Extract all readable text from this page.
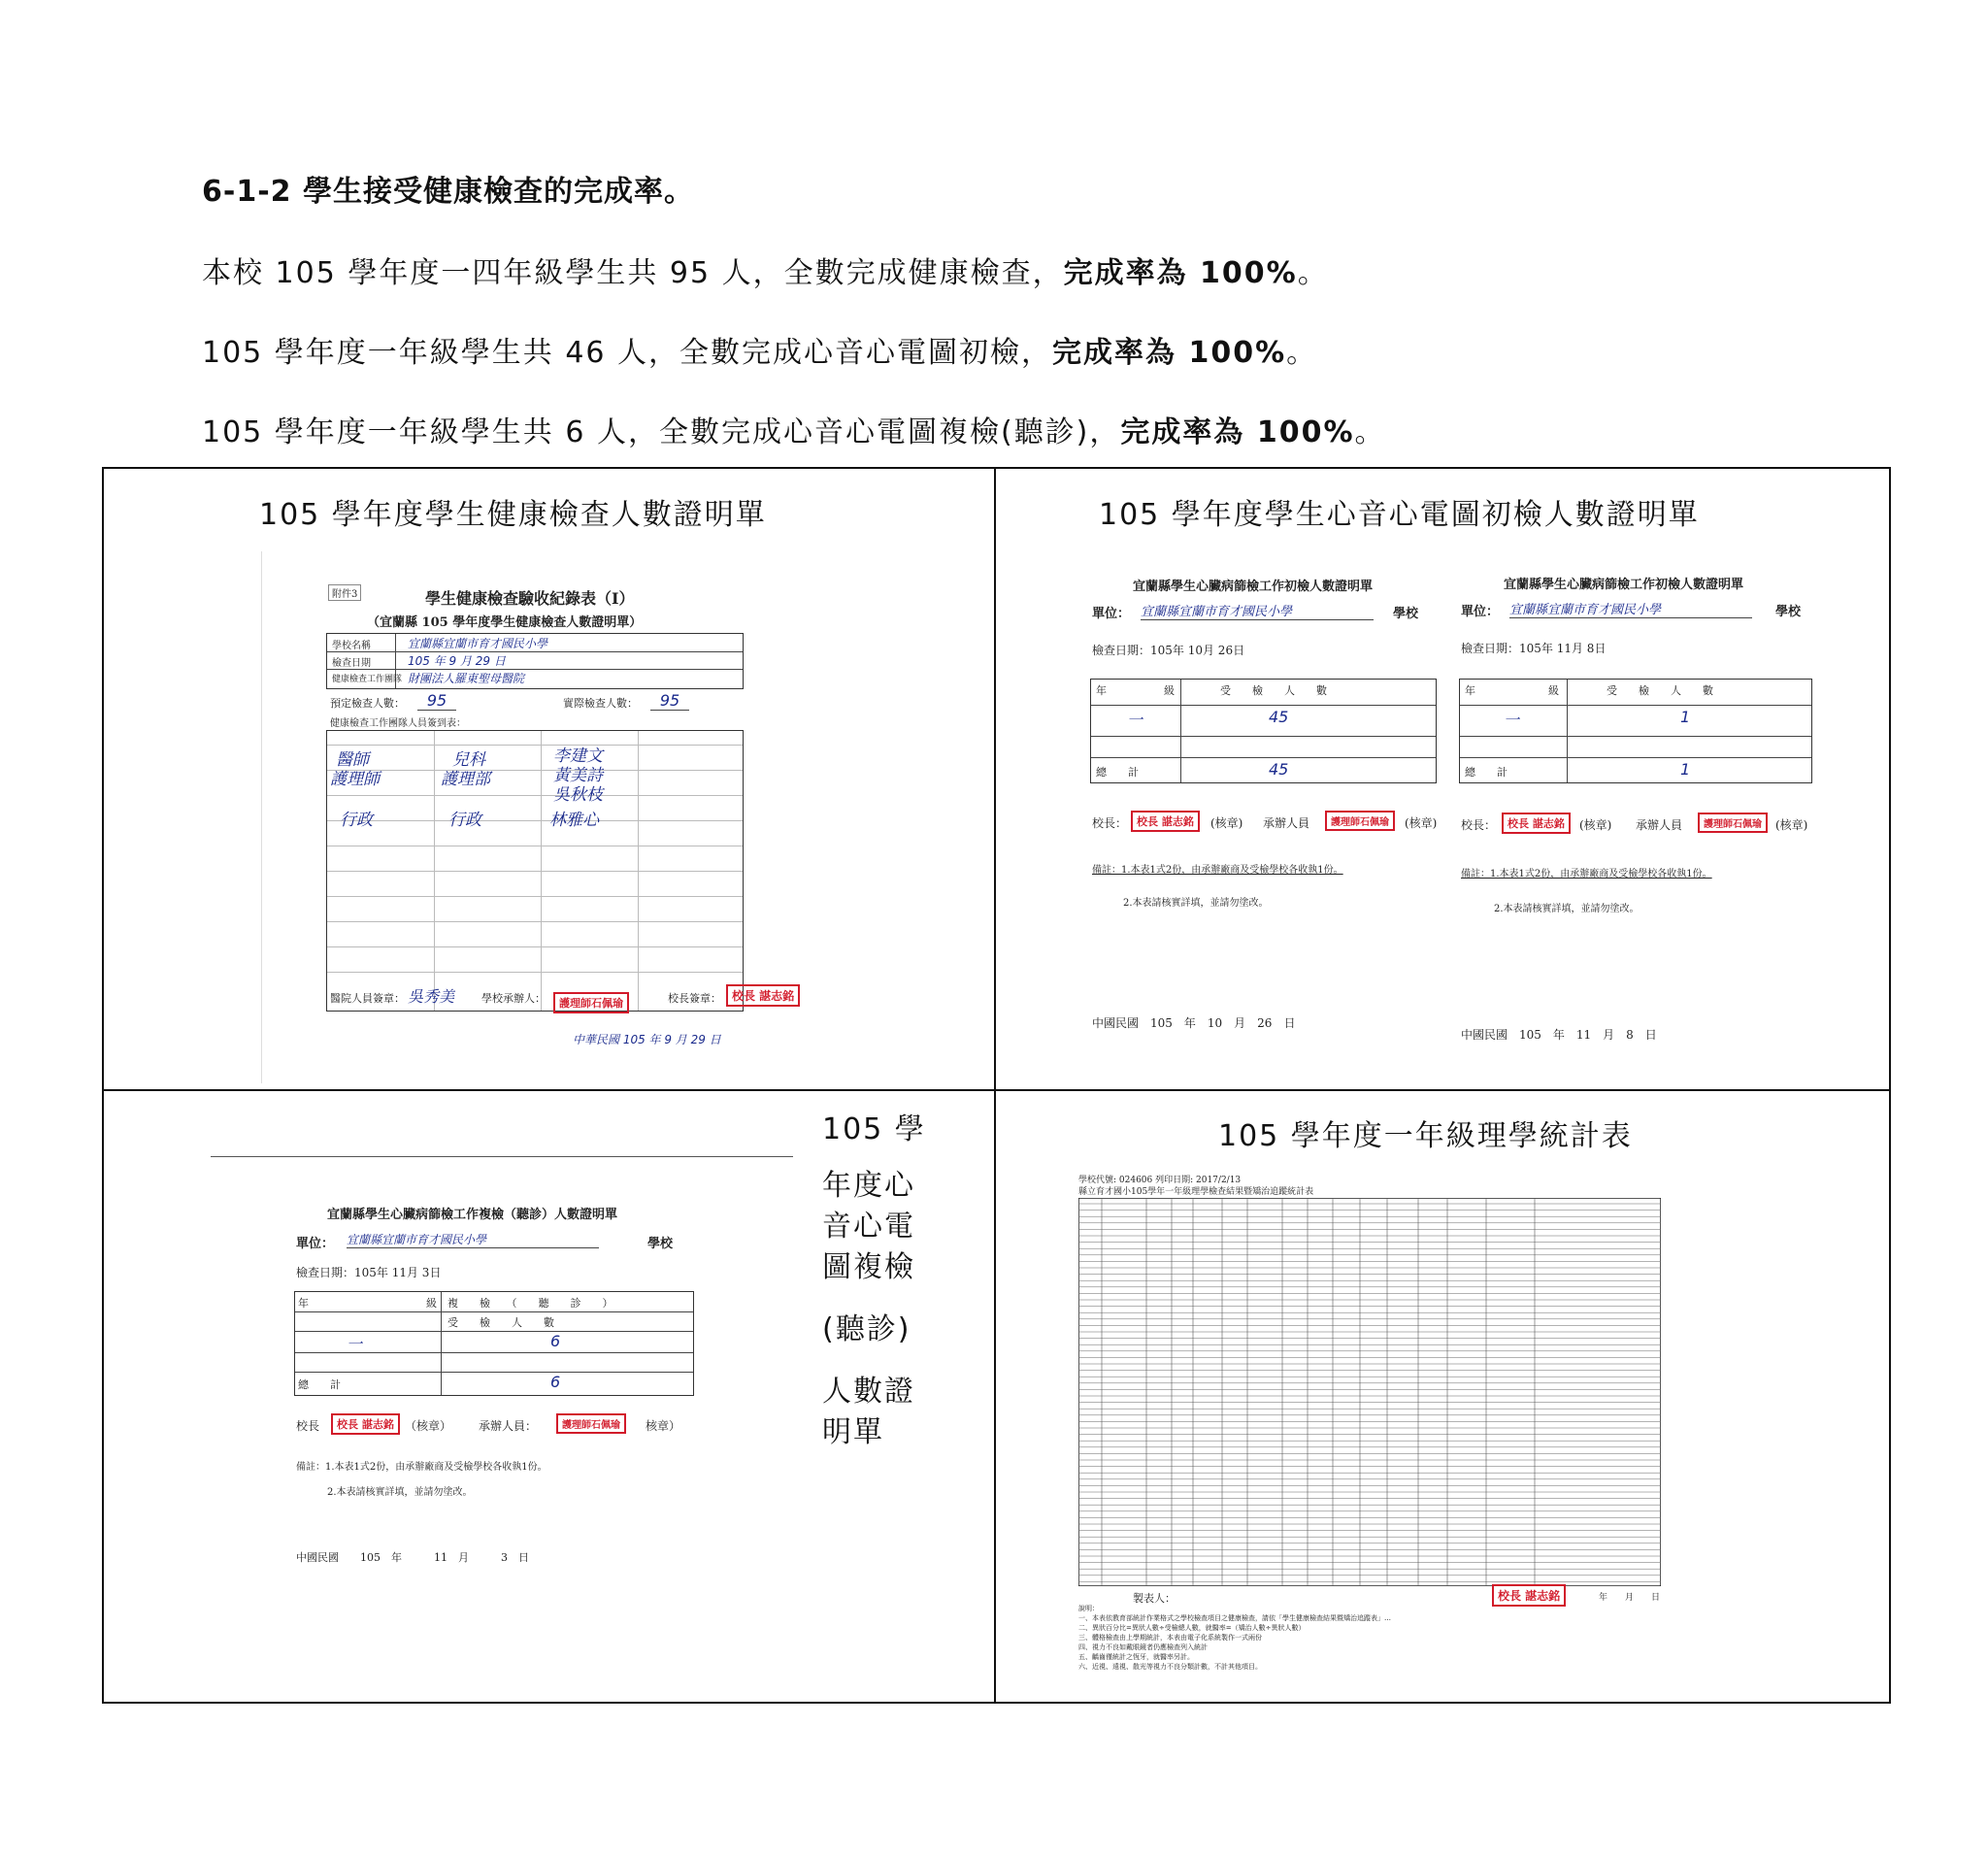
6-1-2 學生接受健康檢查的完成率。
本校 105 學年度一四年級學生共 95 人，全數完成健康檢查，完成率為 100%。
105 學年度一年級學生共 46 人，全數完成心音心電圖初檢，完成率為 100%。
105 學年度一年級學生共 6 人，全數完成心音心電圖複檢(聽診)，完成率為 100%。
105 學年度學生健康檢查人數證明單
附件3	學生健康檢查驗收紀錄表（Ⅰ）
（宜蘭縣 105 學年度學生健康檢查人數證明單）
學校名稱	宜蘭縣宜蘭市育才國民小學
檢查日期	105 年 9 月 29 日
健康檢查工作團隊 財團法人羅東聖母醫院
預定檢查人數：	95	實際檢查人數：	95
健康檢查工作團隊人員簽到表：
醫師	兒科	李建文
護理師	護理部	黃美詩
吳秋枝
行政	行政	林雅心
醫院人員簽章： 吳秀美	學校承辦人：	護理師石佩瑜	校長簽章： 校長 諶志銘
中華民國 105 年 9 月 29 日
105 學年度學生心音心電圖初檢人數證明單
宜蘭縣學生心臟病篩檢工作初檢人數證明單
單位： 宜蘭縣宜蘭市育才國民小學	學校
檢查日期：105年 10月 26日
年	級	受　　檢　　人　　數
一	45
總　　計	45
校長： 校長 諶志銘	(核章) 承辦人員	護理師石佩瑜	(核章)
備註：1.本表1式2份，由承辦廠商及受檢學校各收執1份。
2.本表請核實詳填，並請勿塗改。
中國民國　105　年　10　月　26　日
宜蘭縣學生心臟病篩檢工作初檢人數證明單
單位： 宜蘭縣宜蘭市育才國民小學	學校
檢查日期：105年 11月 8日
年	級	受　　檢　　人　　數
一	1
總　　計	1
校長：	校長 諶志銘	(核章) 承辦人員	護理師石佩瑜	(核章)
備註：1.本表1式2份，由承辦廠商及受檢學校各收執1份。
2.本表請核實詳填，並請勿塗改。
中國民國　105　年　11　月　8　日
宜蘭縣學生心臟病篩檢工作複檢（聽診）人數證明單
單位： 宜蘭縣宜蘭市育才國民小學	學校
檢查日期：105年 11月 3日
年	級 複　　檢　　（　　聽　　診　　）
受　　檢　　人　　數
一	6
總　　計	6
校長	校長 諶志銘 （核章） 承辦人員：	護理師石佩瑜	核章）
備註：1.本表1式2份，由承辦廠商及受檢學校各收執1份。
2.本表請核實詳填，並請勿塗改。
中國民國　　105　年　　　11　月　　　3　日
105 學
年度心
音心電
圖複檢
(聽診)
人數證
明單
105 學年度一年級理學統計表
學校代號: 024606 列印日期: 2017/2/13
縣立育才國小105學年一年級理學檢查結果暨矯治追蹤統計表
製表人：	校長 諶志銘	年　　月　　日
說明：
一、本表依教育部統計作業格式之學校檢查項目之健康檢查，請依「學生健康檢查結果暨矯治追蹤表」…
二、異狀百分比=異狀人數÷受檢總人數，就醫率=（矯治人數÷異狀人數）
三、體格檢查由上學期統計，本表由電子化系統製作一式兩份
四、視力不良如戴眼鏡者仍應檢查列入統計
五、齲齒僅統計之恆牙，就醫率另計。
六、近視、遠視、散光等視力不良分類計數，不計其他項目。
